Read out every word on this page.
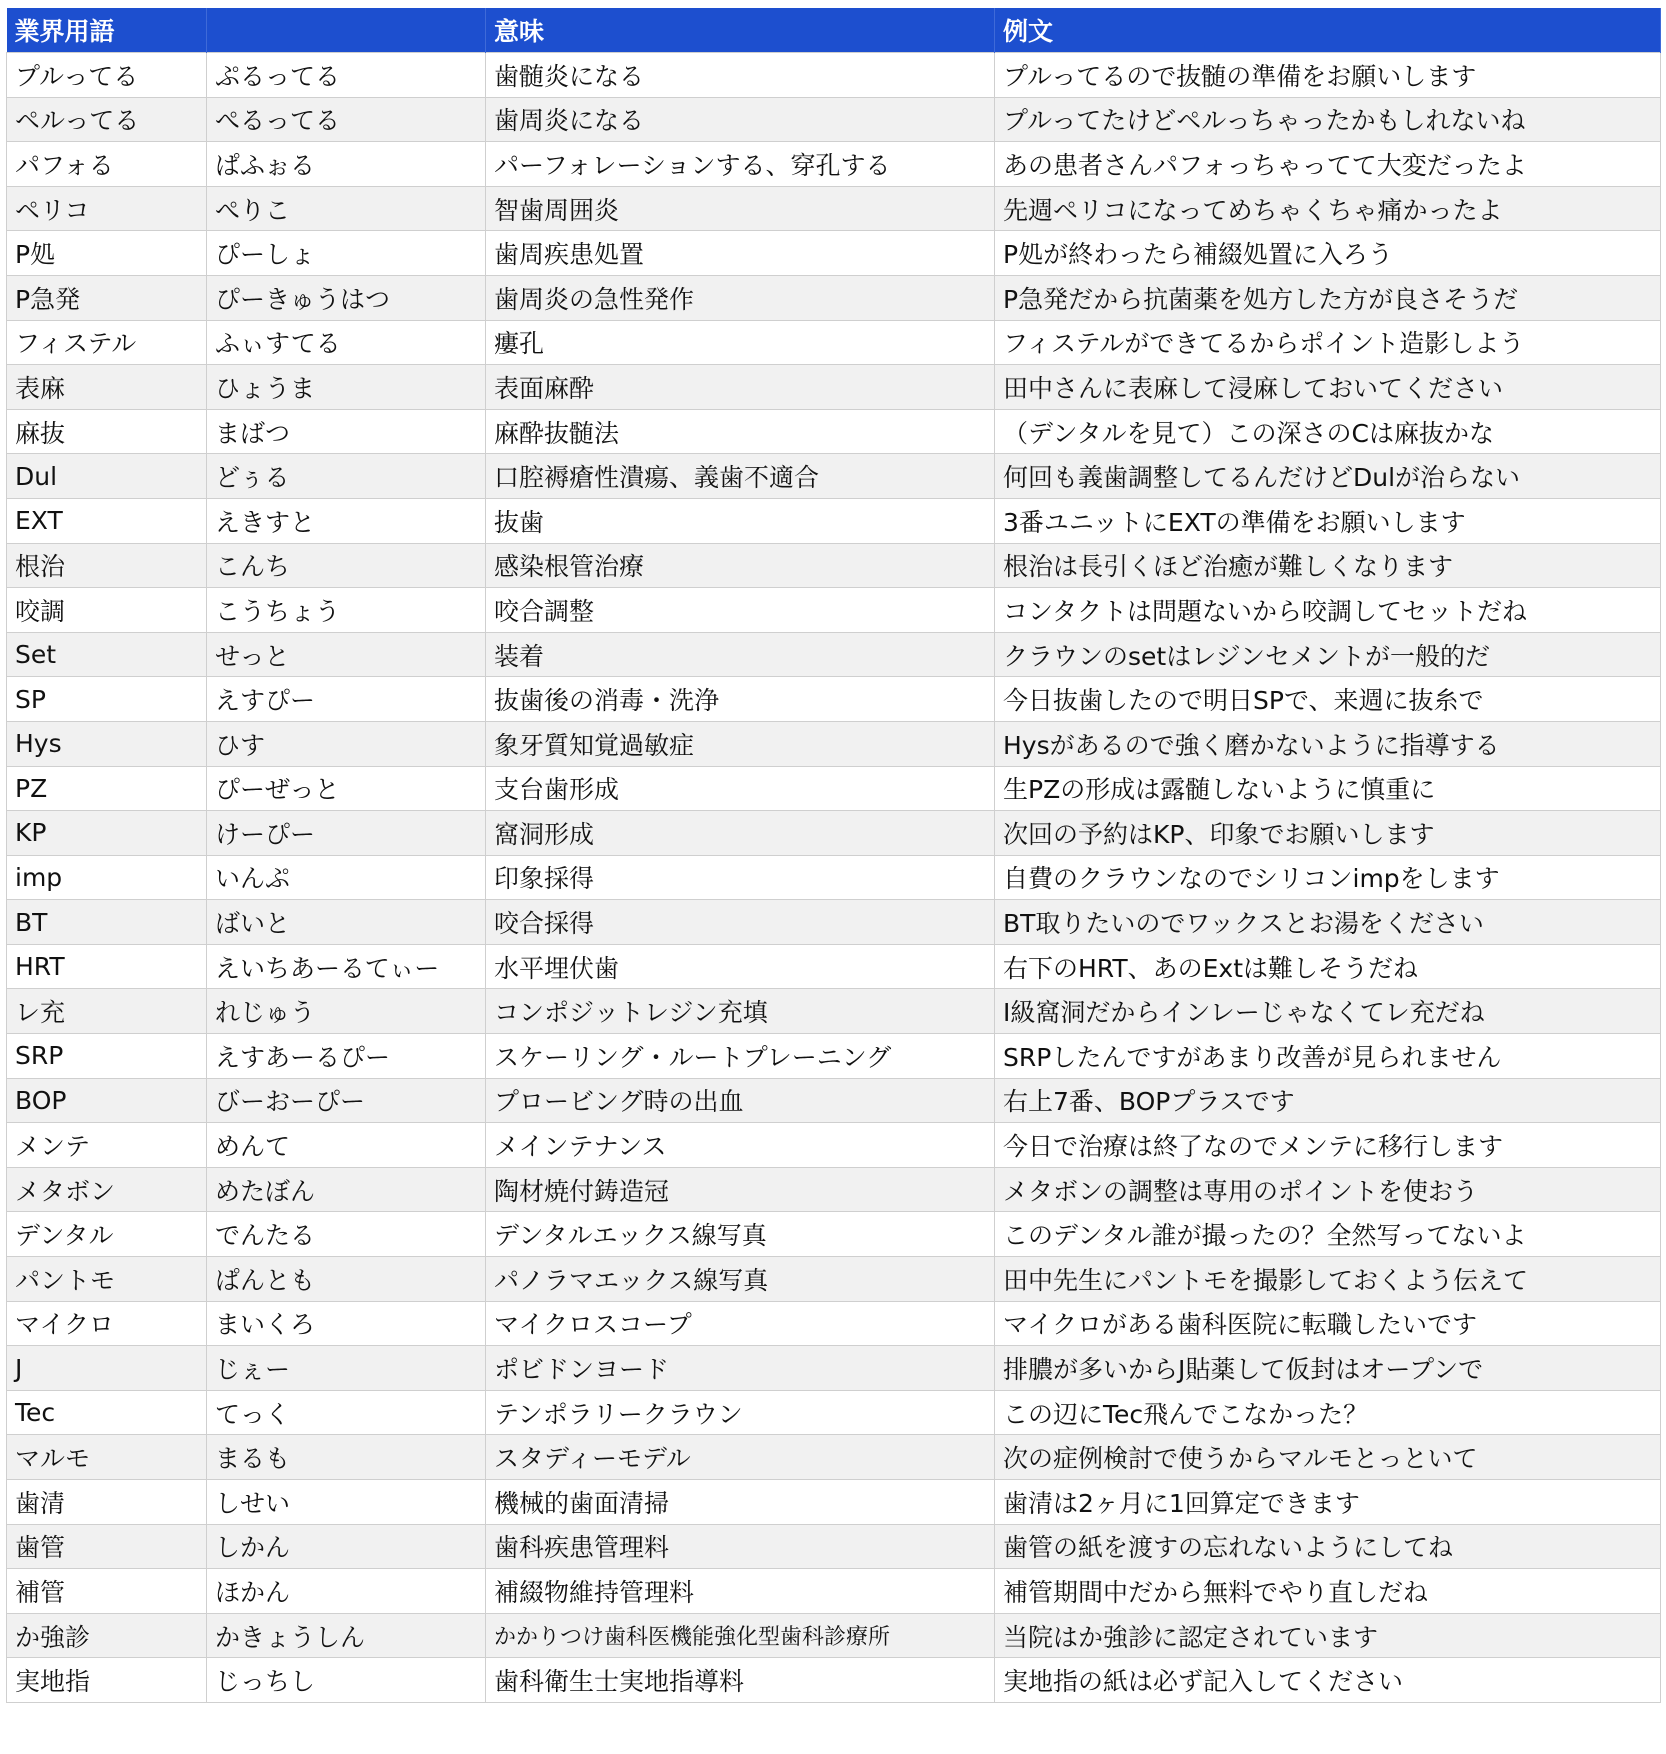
業界用語		意味	例文
プルってる	ぷるってる	歯髄炎になる	プルってるので抜髄の準備をお願いします
ペルってる	ぺるってる	歯周炎になる	プルってたけどペルっちゃったかもしれないね
パフォる	ぱふぉる	パーフォレーションする、穿孔する	あの患者さんパフォっちゃってて大変だったよ
ペリコ	ぺりこ	智歯周囲炎	先週ペリコになってめちゃくちゃ痛かったよ
P処	ぴーしょ	歯周疾患処置	P処が終わったら補綴処置に入ろう
P急発	ぴーきゅうはつ	歯周炎の急性発作	P急発だから抗菌薬を処方した方が良さそうだ
フィステル	ふぃすてる	瘻孔	フィステルができてるからポイント造影しよう
表麻	ひょうま	表面麻酔	田中さんに表麻して浸麻しておいてください
麻抜	まばつ	麻酔抜髄法	（デンタルを見て）この深さのCは麻抜かな
Dul	どぅる	口腔褥瘡性潰瘍、義歯不適合	何回も義歯調整してるんだけどDulが治らない
EXT	えきすと	抜歯	3番ユニットにEXTの準備をお願いします
根治	こんち	感染根管治療	根治は長引くほど治癒が難しくなります
咬調	こうちょう	咬合調整	コンタクトは問題ないから咬調してセットだね
Set	せっと	装着	クラウンのsetはレジンセメントが一般的だ
SP	えすぴー	抜歯後の消毒・洗浄	今日抜歯したので明日SPで、来週に抜糸で
Hys	ひす	象牙質知覚過敏症	Hysがあるので強く磨かないように指導する
PZ	ぴーぜっと	支台歯形成	生PZの形成は露髄しないように慎重に
KP	けーぴー	窩洞形成	次回の予約はKP、印象でお願いします
imp	いんぷ	印象採得	自費のクラウンなのでシリコンimpをします
BT	ばいと	咬合採得	BT取りたいのでワックスとお湯をください
HRT	えいちあーるてぃー	水平埋伏歯	右下のHRT、あのExtは難しそうだね
レ充	れじゅう	コンポジットレジン充填	Ⅰ級窩洞だからインレーじゃなくてレ充だね
SRP	えすあーるぴー	スケーリング・ルートプレーニング	SRPしたんですがあまり改善が見られません
BOP	びーおーぴー	プロービング時の出血	右上7番、BOPプラスです
メンテ	めんて	メインテナンス	今日で治療は終了なのでメンテに移行します
メタボン	めたぼん	陶材焼付鋳造冠	メタボンの調整は専用のポイントを使おう
デンタル	でんたる	デンタルエックス線写真	このデンタル誰が撮ったの？全然写ってないよ
パントモ	ぱんとも	パノラマエックス線写真	田中先生にパントモを撮影しておくよう伝えて
マイクロ	まいくろ	マイクロスコープ	マイクロがある歯科医院に転職したいです
J	じぇー	ポビドンヨード	排膿が多いからJ貼薬して仮封はオープンで
Tec	てっく	テンポラリークラウン	この辺にTec飛んでこなかった？
マルモ	まるも	スタディーモデル	次の症例検討で使うからマルモとっといて
歯清	しせい	機械的歯面清掃	歯清は2ヶ月に1回算定できます
歯管	しかん	歯科疾患管理料	歯管の紙を渡すの忘れないようにしてね
補管	ほかん	補綴物維持管理料	補管期間中だから無料でやり直しだね
か強診	かきょうしん	かかりつけ歯科医機能強化型歯科診療所	当院はか強診に認定されています
実地指	じっちし	歯科衛生士実地指導料	実地指の紙は必ず記入してください
